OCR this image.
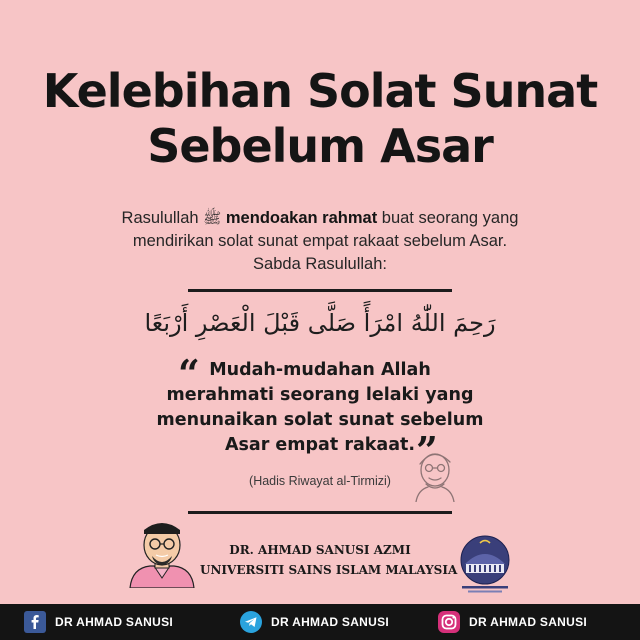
Kelebihan Solat Sunat
Sebelum Asar
Rasulullah ﷺ mendoakan rahmat buat seorang yang
mendirikan solat sunat empat rakaat sebelum Asar.
Sabda Rasulullah:
رَحِمَ اللّٰهُ امْرَأً صَلَّى قَبْلَ الْعَصْرِ أَرْبَعًا
“ Mudah-mudahan Allah
merahmati seorang lelaki yang
menunaikan solat sunat sebelum
Asar empat rakaat. ”
(Hadis Riwayat al-Tirmizi)
DR. AHMAD SANUSI AZMI
UNIVERSITI SAINS ISLAM MALAYSIA
DR AHMAD SANUSI	DR AHMAD SANUSI	DR AHMAD SANUSI
